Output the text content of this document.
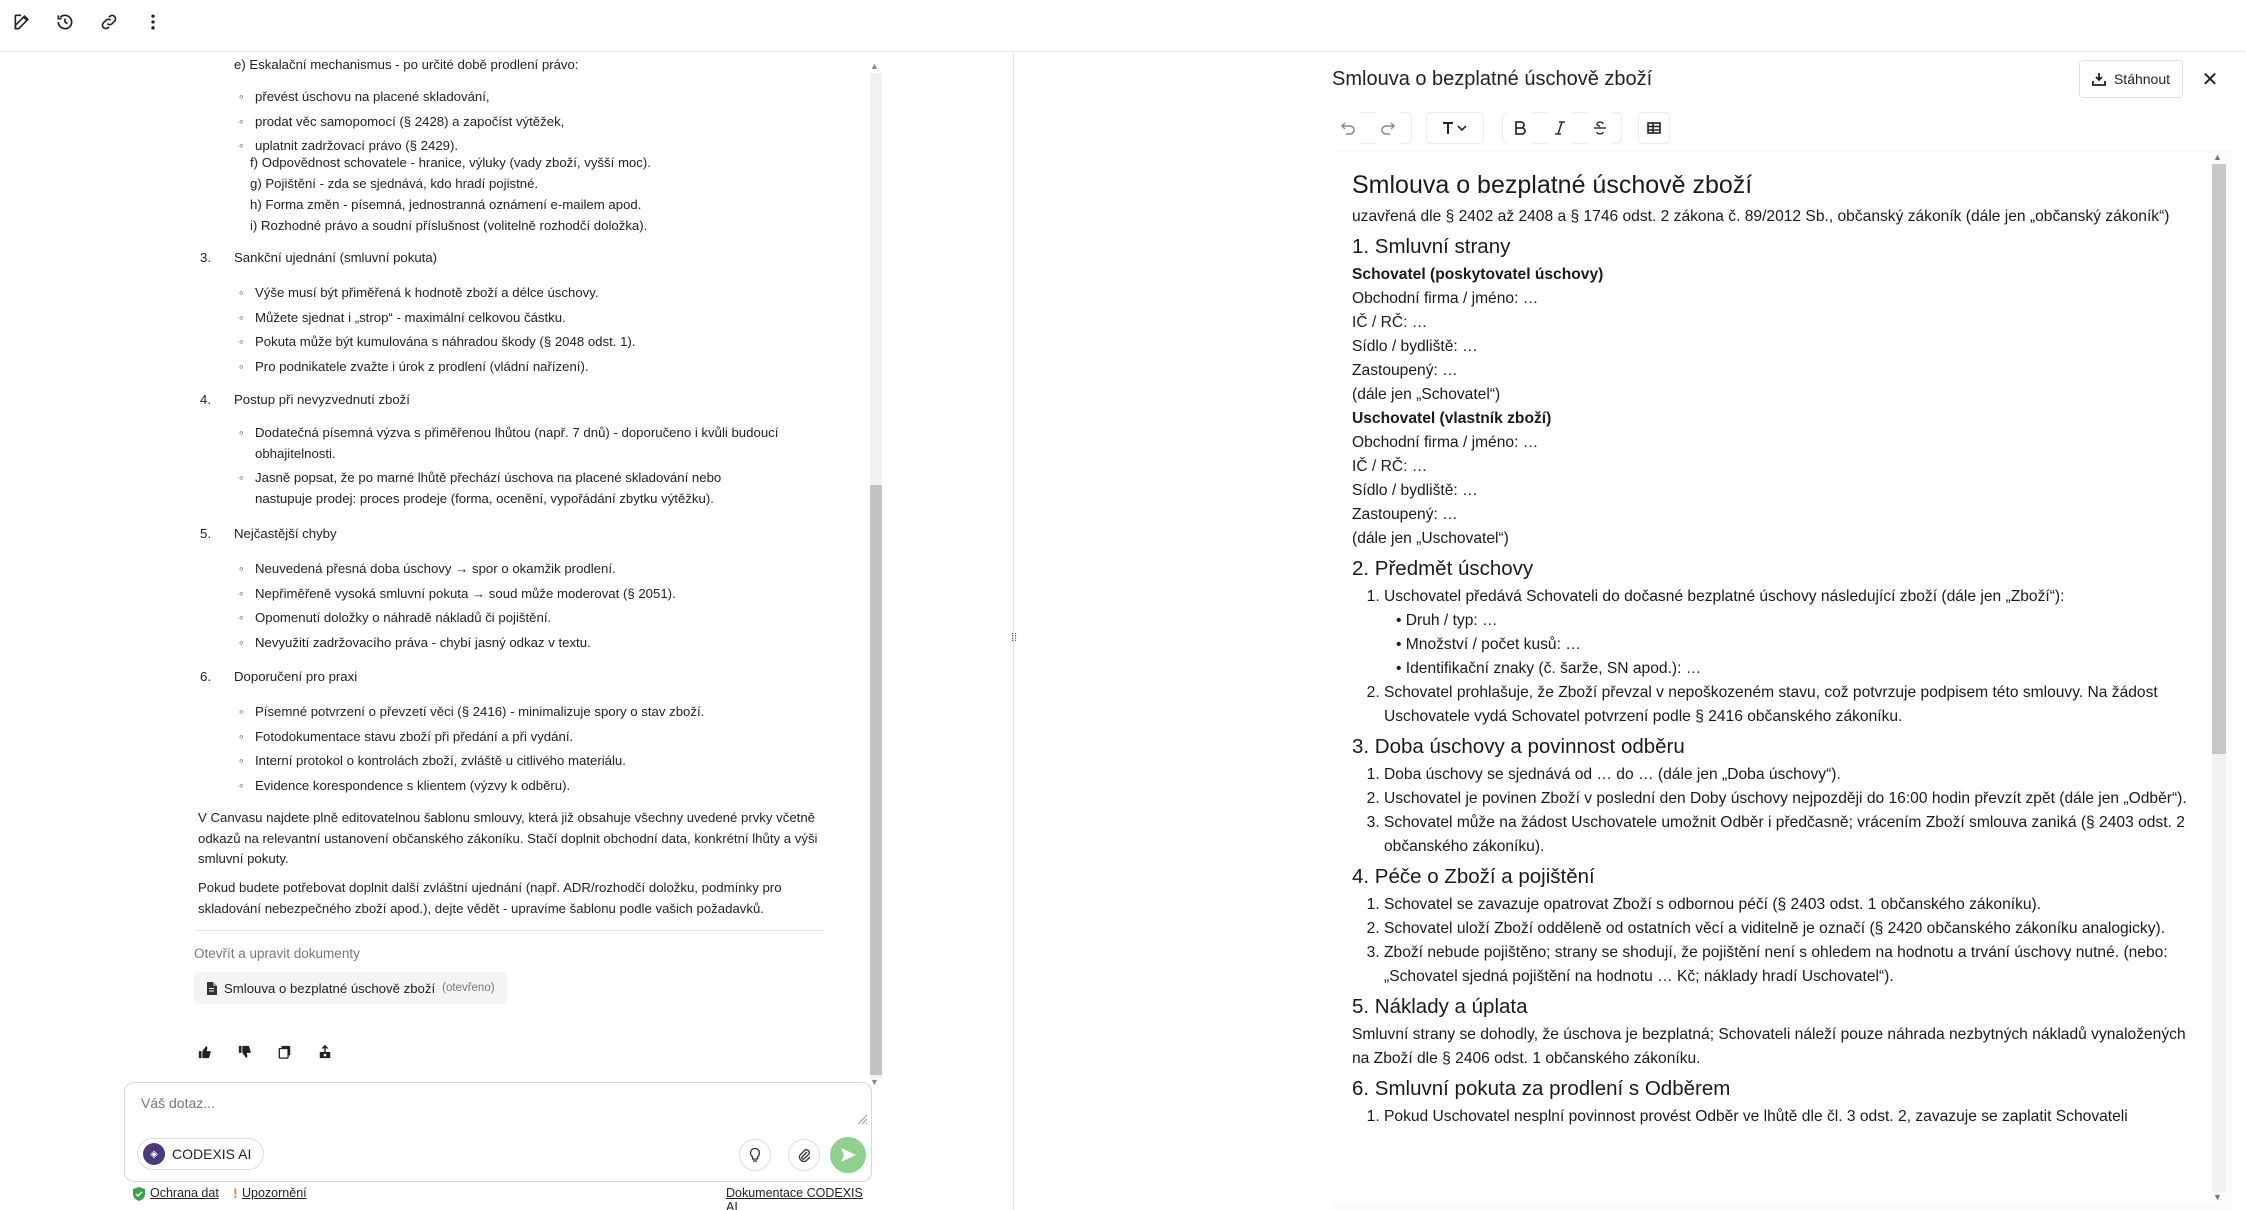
e) Eskalační mechanismus - po určité době prodlení právo:
◦ převést úschovu na placené skladování,
◦ prodat věc samopomocí (§ 2428) a započíst výtěžek,
◦ uplatnit zadržovací právo (§ 2429).
f) Odpovědnost schovatele - hranice, výluky (vady zboží, vyšší moc).
g) Pojištění - zda se sjednává, kdo hradí pojistné.
h) Forma změn - písemná, jednostranná oznámení e-mailem apod.
i) Rozhodné právo a soudní příslušnost (volitelně rozhodčí doložka).
3. Sankční ujednání (smluvní pokuta)
◦ Výše musí být přiměřená k hodnotě zboží a délce úschovy.
◦ Můžete sjednat i „strop“ - maximální celkovou částku.
◦ Pokuta může být kumulována s náhradou škody (§ 2048 odst. 1).
◦ Pro podnikatele zvažte i úrok z prodlení (vládní nařízení).
4. Postup při nevyzvednutí zboží
◦ Dodatečná písemná výzva s přiměřenou lhůtou (např. 7 dnů) - doporučeno i kvůli budoucí obhajitelnosti.
◦ Jasně popsat, že po marné lhůtě přechází úschova na placené skladování nebo nastupuje prodej: proces prodeje (forma, ocenění, vypořádání zbytku výtěžku).
5. Nejčastější chyby
◦ Neuvedená přesná doba úschovy → spor o okamžik prodlení.
◦ Nepřiměřeně vysoká smluvní pokuta → soud může moderovat (§ 2051).
◦ Opomenutí doložky o náhradě nákladů či pojištění.
◦ Nevyužití zadržovacího práva - chybí jasný odkaz v textu.
6. Doporučení pro praxi
◦ Písemné potvrzení o převzetí věci (§ 2416) - minimalizuje spory o stav zboží.
◦ Fotodokumentace stavu zboží při předání a při vydání.
◦ Interní protokol o kontrolách zboží, zvláště u citlivého materiálu.
◦ Evidence korespondence s klientem (výzvy k odběru).
V Canvasu najdete plně editovatelnou šablonu smlouvy, která již obsahuje všechny uvedené prvky včetně odkazů na relevantní ustanovení občanského zákoníku. Stačí doplnit obchodní data, konkrétní lhůty a výši smluvní pokuty.
Pokud budete potřebovat doplnit další zvláštní ujednání (např. ADR/rozhodčí doložku, podmínky pro skladování nebezpečného zboží apod.), dejte vědět - upravíme šablonu podle vašich požadavků.
Otevřít a upravit dokumenty
Smlouva o bezplatné úschově zboží (otevřeno)
▲
▼
Váš dotaz...
◈	CODEXIS AI
Ochrana dat ! Upozornění	Dokumentace CODEXIS AI
⁞⁞
Smlouva o bezplatné úschově zboží	Stáhnout ✕
Smlouva o bezplatné úschově zboží

uzavřená dle § 2402 až 2408 a § 1746 odst. 2 zákona č. 89/2012 Sb., občanský zákoník (dále jen „občanský zákoník“)

1. Smluvní strany

Schovatel (poskytovatel úschovy)

Obchodní firma / jméno: …

IČ / RČ: …

Sídlo / bydliště: …

Zastoupený: …

(dále jen „Schovatel“)

Uschovatel (vlastník zboží)

Obchodní firma / jméno: …

IČ / RČ: …

Sídlo / bydliště: …

Zastoupený: …

(dále jen „Uschovatel“)

2. Předmět úschovy
1. Uschovatel předává Schovateli do dočasné bezplatné úschovy následující zboží (dále jen „Zboží“):
• Druh / typ: …
• Množství / počet kusů: …
• Identifikační znaky (č. šarže, SN apod.): …
2. Schovatel prohlašuje, že Zboží převzal v nepoškozeném stavu, což potvrzuje podpisem této smlouvy. Na žádost Uschovatele vydá Schovatel potvrzení podle § 2416 občanského zákoníku.
3. Doba úschovy a povinnost odběru
1. Doba úschovy se sjednává od … do … (dále jen „Doba úschovy“).
2. Uschovatel je povinen Zboží v poslední den Doby úschovy nejpozději do 16:00 hodin převzít zpět (dále jen „Odběr“).
3. Schovatel může na žádost Uschovatele umožnit Odběr i předčasně; vrácením Zboží smlouva zaniká (§ 2403 odst. 2 občanského zákoníku).
4. Péče o Zboží a pojištění
1. Schovatel se zavazuje opatrovat Zboží s odbornou péčí (§ 2403 odst. 1 občanského zákoníku).
2. Schovatel uloží Zboží odděleně od ostatních věcí a viditelně je označí (§ 2420 občanského zákoníku analogicky).
3. Zboží nebude pojištěno; strany se shodují, že pojištění není s ohledem na hodnotu a trvání úschovy nutné. (nebo: „Schovatel sjedná pojištění na hodnotu … Kč; náklady hradí Uschovatel“).
5. Náklady a úplata

Smluvní strany se dohodly, že úschova je bezplatná; Schovateli náleží pouze náhrada nezbytných nákladů vynaložených na Zboží dle § 2406 odst. 1 občanského zákoníku.

6. Smluvní pokuta za prodlení s Odběrem
1. Pokud Uschovatel nesplní povinnost provést Odběr ve lhůtě dle čl. 3 odst. 2, zavazuje se zaplatit Schovateli
▲
▼
